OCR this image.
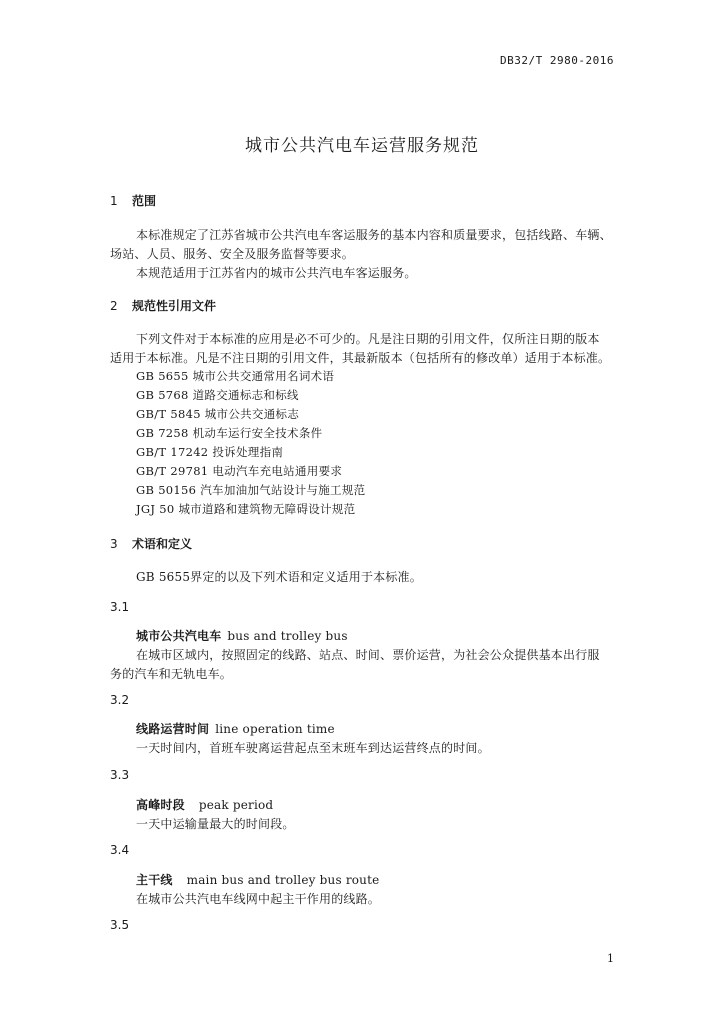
DB32/T 2980-2016
城市公共汽电车运营服务规范
1 范围
本标准规定了江苏省城市公共汽电车客运服务的基本内容和质量要求，包括线路、车辆、
场站、人员、服务、安全及服务监督等要求。
本规范适用于江苏省内的城市公共汽电车客运服务。
2 规范性引用文件
下列文件对于本标准的应用是必不可少的。凡是注日期的引用文件，仅所注日期的版本
适用于本标准。凡是不注日期的引用文件，其最新版本（包括所有的修改单）适用于本标准。
GB 5655 城市公共交通常用名词术语
GB 5768 道路交通标志和标线
GB/T 5845 城市公共交通标志
GB 7258 机动车运行安全技术条件
GB/T 17242 投诉处理指南
GB/T 29781 电动汽车充电站通用要求
GB 50156 汽车加油加气站设计与施工规范
JGJ 50 城市道路和建筑物无障碍设计规范
3 术语和定义
GB 5655界定的以及下列术语和定义适用于本标准。
3.1
城市公共汽电车 bus and trolley bus
在城市区域内，按照固定的线路、站点、时间、票价运营，为社会公众提供基本出行服
务的汽车和无轨电车。
3.2
线路运营时间 line operation time
一天时间内，首班车驶离运营起点至末班车到达运营终点的时间。
3.3
高峰时段 peak period
一天中运输量最大的时间段。
3.4
主干线 main bus and trolley bus route
在城市公共汽电车线网中起主干作用的线路。
3.5
1
